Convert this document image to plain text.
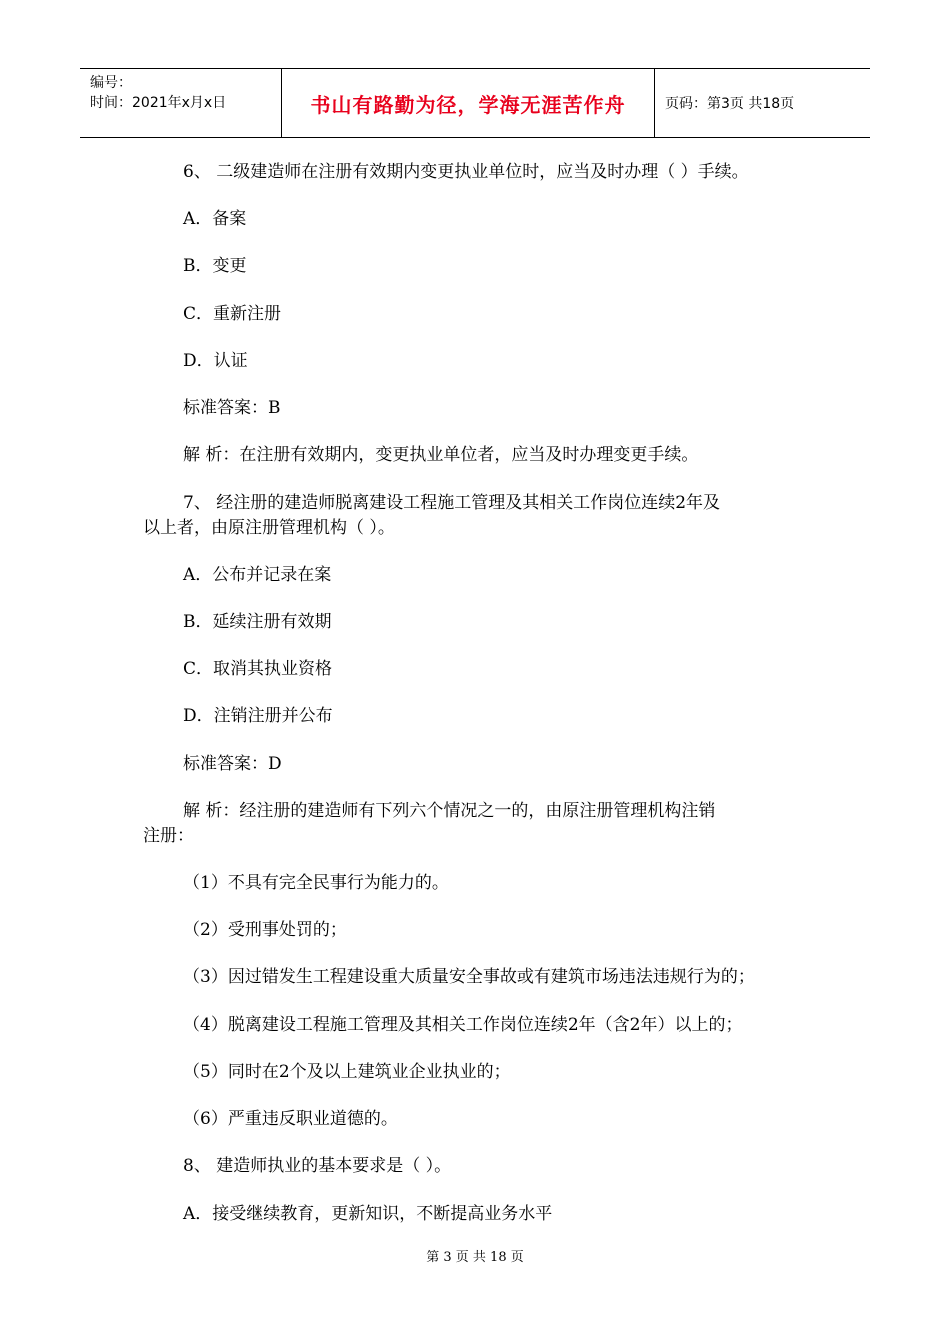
编号：
时间：2021年x月x日	书山有路勤为径，学海无涯苦作舟	页码：第3页 共18页
6、 二级建造师在注册有效期内变更执业单位时，应当及时办理（ ）手续。
A．备案
B．变更
C．重新注册
D．认证
标准答案：B
解 析：在注册有效期内，变更执业单位者，应当及时办理变更手续。
7、 经注册的建造师脱离建设工程施工管理及其相关工作岗位连续2年及
以上者，由原注册管理机构（ ）。
A．公布并记录在案
B．延续注册有效期
C．取消其执业资格
D．注销注册并公布
标准答案：D
解 析：经注册的建造师有下列六个情况之一的，由原注册管理机构注销
注册：
（1）不具有完全民事行为能力的。
（2）受刑事处罚的；
（3）因过错发生工程建设重大质量安全事故或有建筑市场违法违规行为的；
（4）脱离建设工程施工管理及其相关工作岗位连续2年（含2年）以上的；
（5）同时在2个及以上建筑业企业执业的；
（6）严重违反职业道德的。
8、 建造师执业的基本要求是（ ）。
A．接受继续教育，更新知识，不断提高业务水平
第 3 页 共 18 页
